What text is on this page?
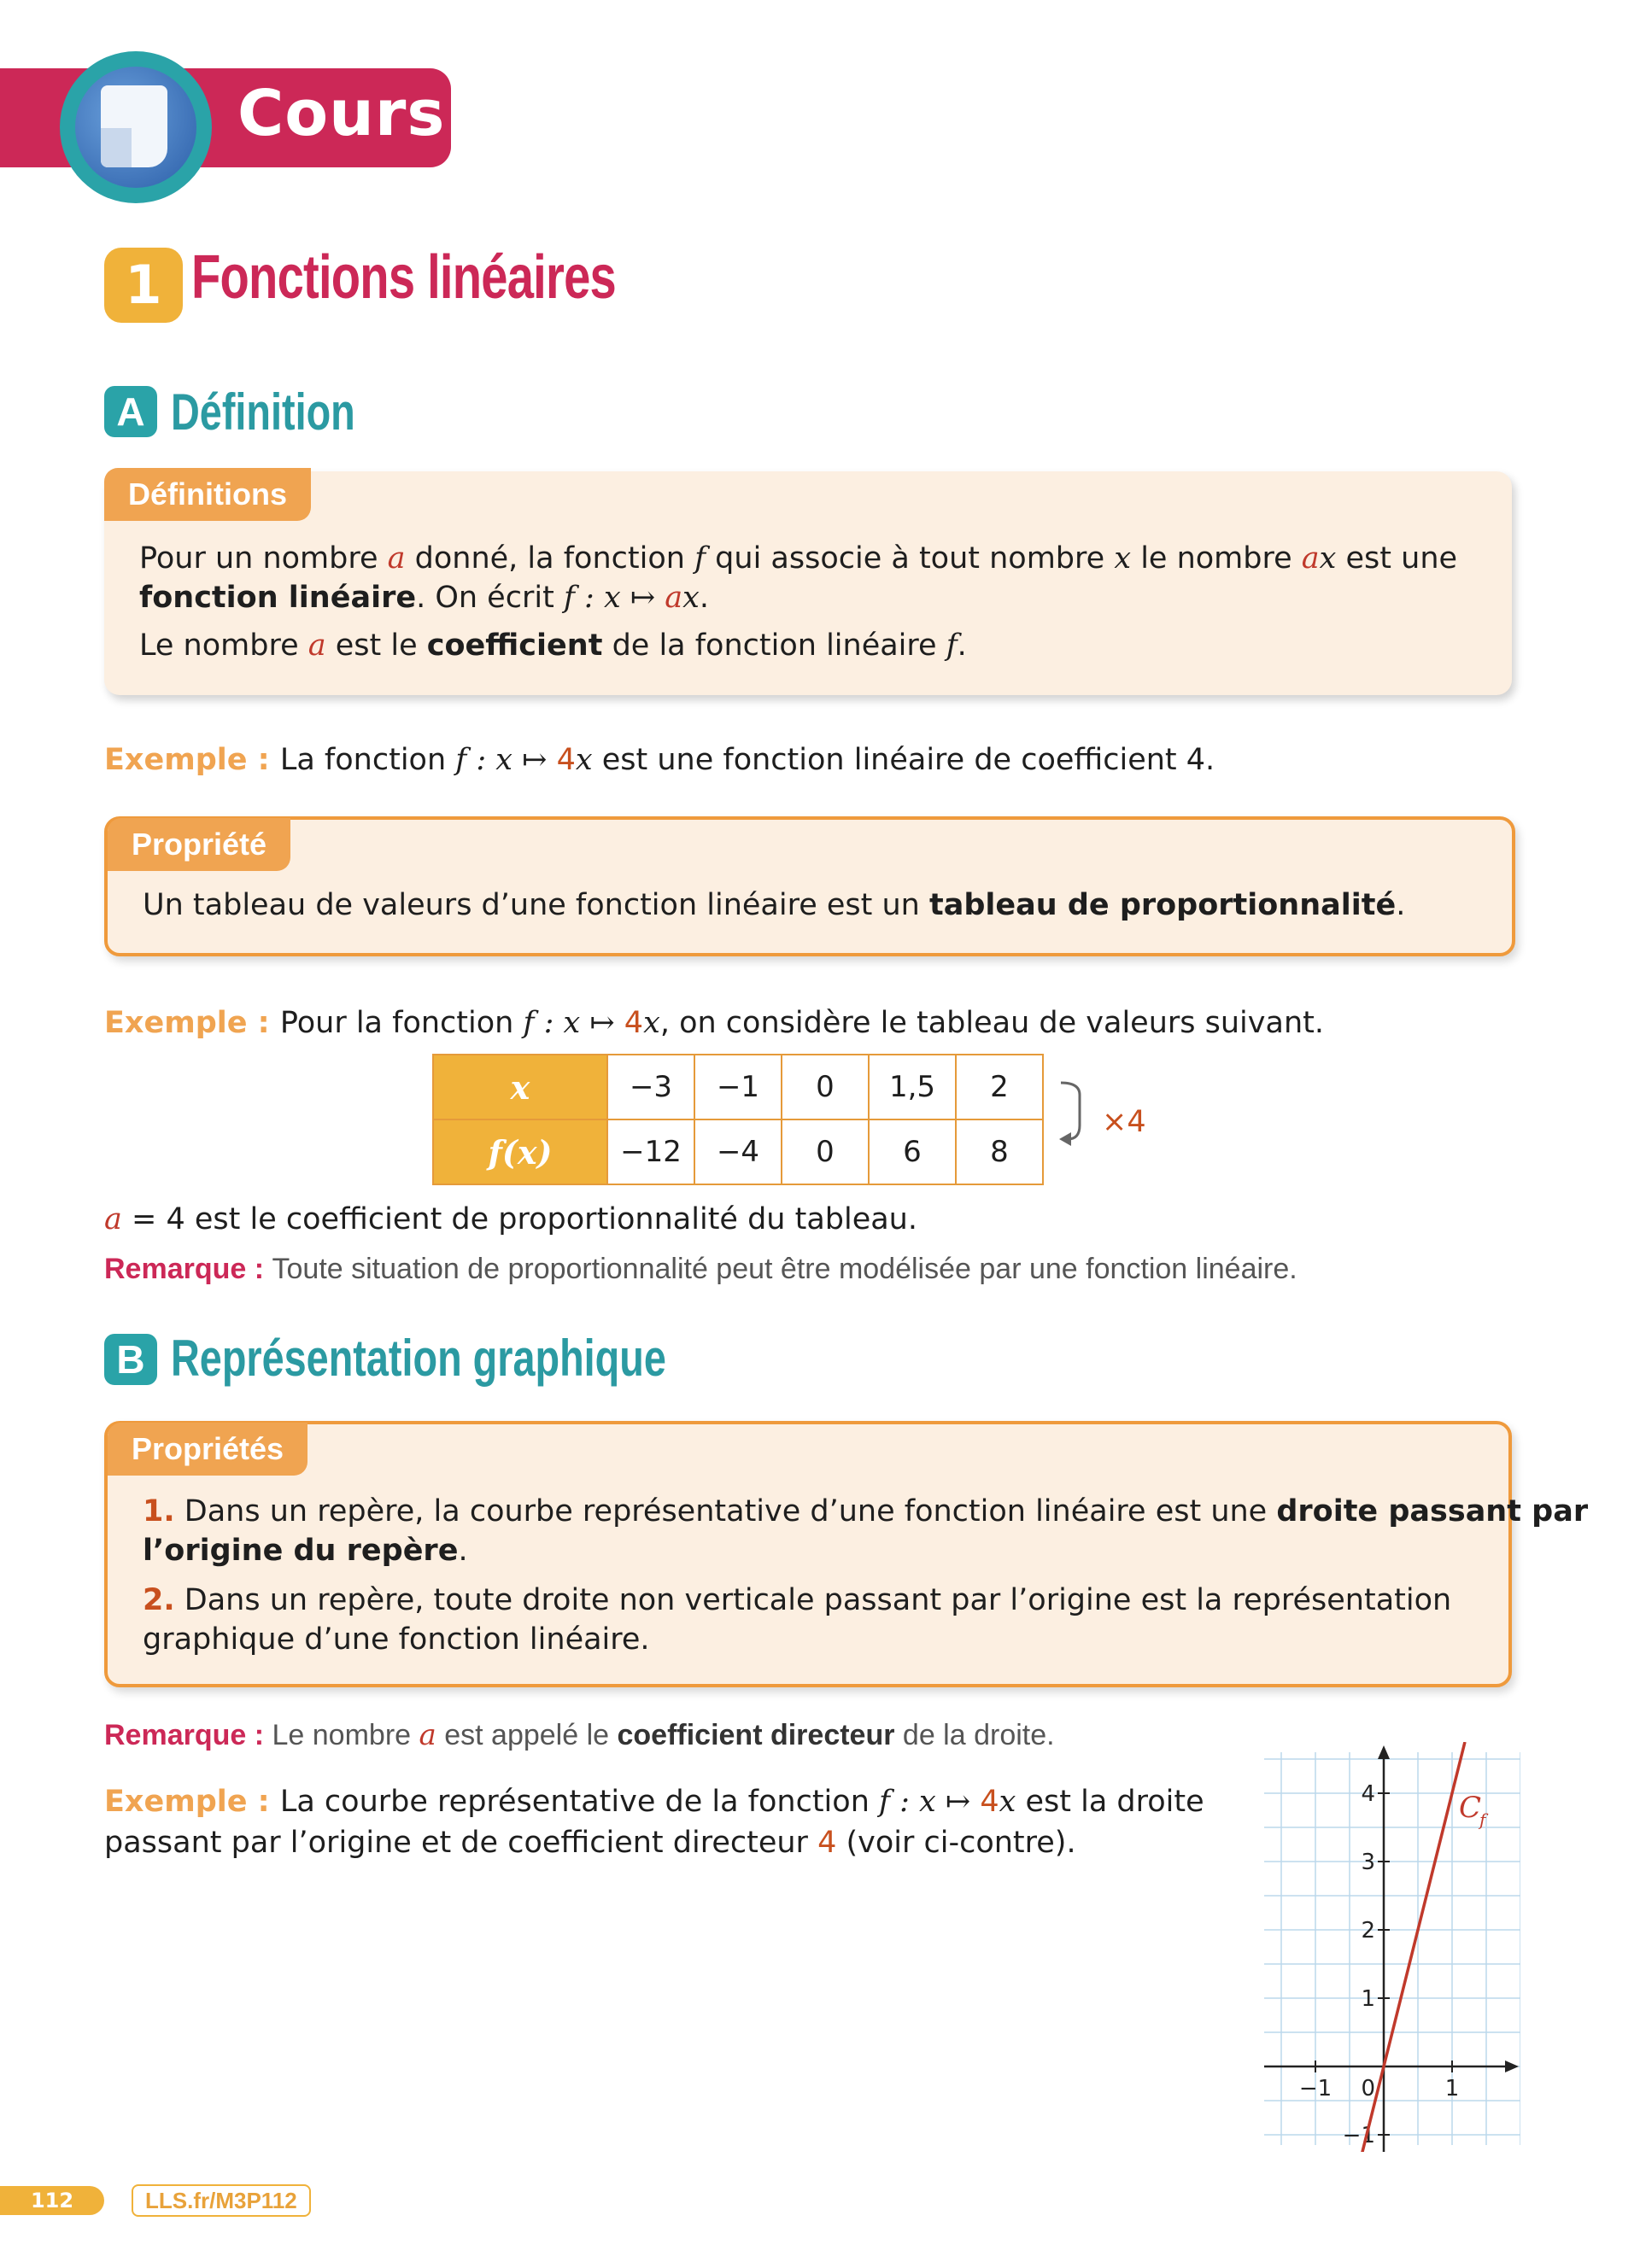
Cours
1 Fonctions linéaires
A Définition
Définitions
Pour un nombre a donné, la fonction f qui associe à tout nombre x le nombre ax est une
fonction linéaire. On écrit f : x ↦ ax.
Le nombre a est le coefficient de la fonction linéaire f.
Exemple : La fonction f : x ↦ 4x est une fonction linéaire de coefficient 4.
Propriété
Un tableau de valeurs d’une fonction linéaire est un tableau de proportionnalité.
Exemple : Pour la fonction f : x ↦ 4x, on considère le tableau de valeurs suivant.
x	−3	−1	0	1,5	2
f(x)	−12	−4	0	6	8
×4
a = 4 est le coefficient de proportionnalité du tableau.
Remarque : Toute situation de proportionnalité peut être modélisée par une fonction linéaire.
B Représentation graphique
Propriétés
1. Dans un repère, la courbe représentative d’une fonction linéaire est une droite passant par
l’origine du repère.
2. Dans un repère, toute droite non verticale passant par l’origine est la représentation
graphique d’une fonction linéaire.
Remarque : Le nombre a est appelé le coefficient directeur de la droite.
Exemple : La courbe représentative de la fonction f : x ↦ 4x est la droite
passant par l’origine et de coefficient directeur 4 (voir ci-contre).
−1	1
−1
1
2
3
4
0
C
f
112	LLS.fr/M3P112
